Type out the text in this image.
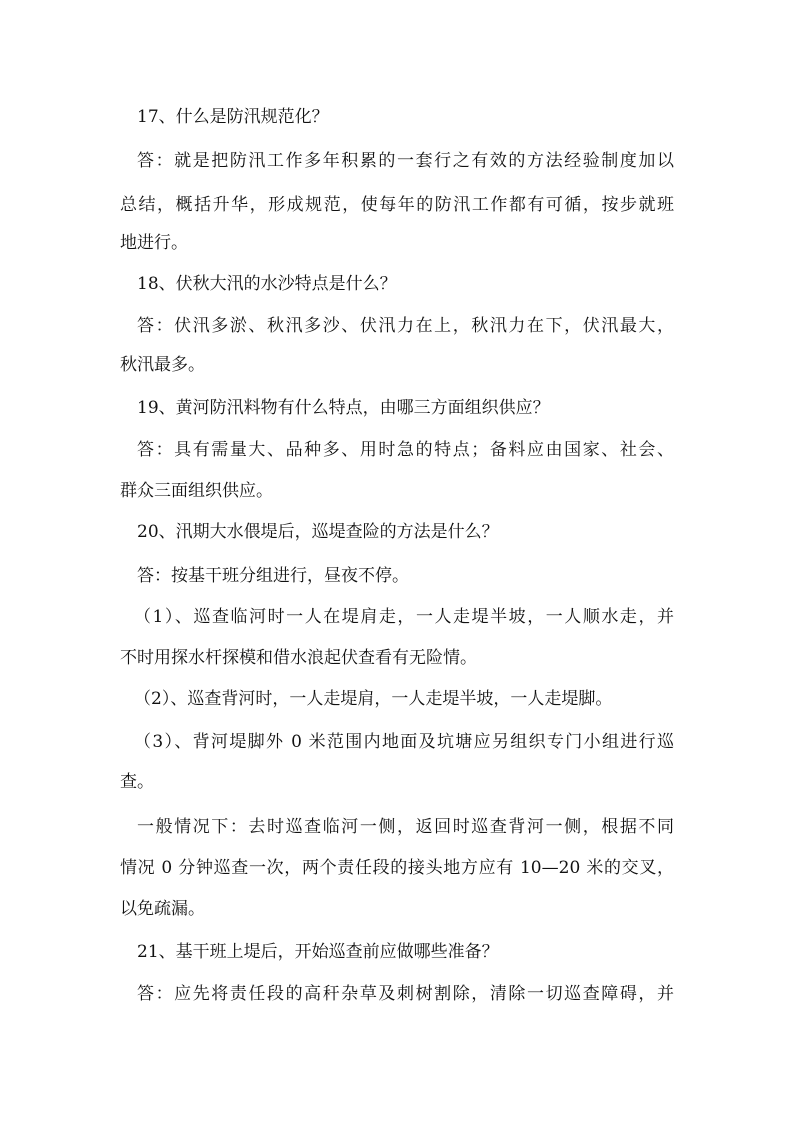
17、什么是防汛规范化？
答：就是把防汛工作多年积累的一套行之有效的方法经验制度加以
总结，概括升华，形成规范，使每年的防汛工作都有可循，按步就班
地进行。
18、伏秋大汛的水沙特点是什么？
答：伏汛多淤、秋汛多沙、伏汛力在上，秋汛力在下，伏汛最大，
秋汛最多。
19、黄河防汛料物有什么特点，由哪三方面组织供应？
答：具有需量大、品种多、用时急的特点；备料应由国家、社会、
群众三面组织供应。
20、汛期大水偎堤后，巡堤查险的方法是什么？
答：按基干班分组进行，昼夜不停。
（1）、巡查临河时一人在堤肩走，一人走堤半坡，一人顺水走，并
不时用探水杆探模和借水浪起伏查看有无险情。
（2）、巡查背河时，一人走堤肩，一人走堤半坡，一人走堤脚。
（3）、背河堤脚外 0 米范围内地面及坑塘应另组织专门小组进行巡
查。
一般情况下：去时巡查临河一侧，返回时巡查背河一侧，根据不同
情况 0 分钟巡查一次，两个责任段的接头地方应有 10—20 米的交叉，
以免疏漏。
21、基干班上堤后，开始巡查前应做哪些准备？
答：应先将责任段的高秆杂草及刺树割除，清除一切巡查障碍，并
